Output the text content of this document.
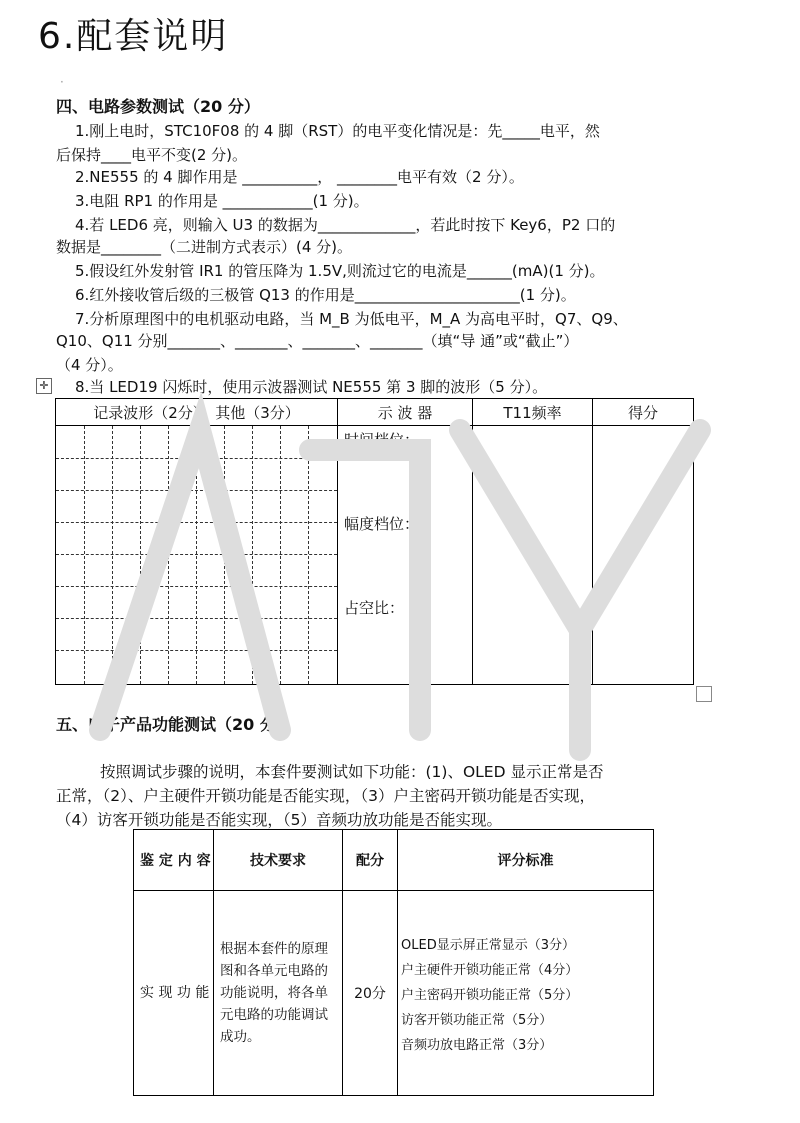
6.配套说明
·
四、电路参数测试（20 分）
1.刚上电时，STC10F08 的 4 脚（RST）的电平变化情况是：先_____电平，然
后保持____电平不变(2 分)。
2.NE555 的 4 脚作用是 __________， ________电平有效（2 分）。
3.电阻 RP1 的作用是 ____________(1 分)。
4.若 LED6 亮，则输入 U3 的数据为_____________，若此时按下 Key6，P2 口的
数据是________（二进制方式表示）(4 分)。
5.假设红外发射管 IR1 的管压降为 1.5V,则流过它的电流是______(mA)(1 分)。
6.红外接收管后级的三极管 Q13 的作用是______________________(1 分)。
7.分析原理图中的电机驱动电路，当 M_B 为低电平，M_A 为高电平时，Q7、Q9、
Q10、Q11 分别_______、_______、_______、_______（填“导 通”或“截止”）
（4 分）。
✛ 8.当 LED19 闪烁时，使用示波器测试 NE555 第 3 脚的波形（5 分）。
记录波形（2分），其他（3分）	示 波 器	T11频率	得分

	时间档位：
幅度档位：
占空比：		

五、电子产品功能测试（20 分）
按照调试步骤的说明，本套件要测试如下功能：(1)、OLED 显示正常是否
正常，（2）、户主硬件开锁功能是否能实现，（3）户主密码开锁功能是否实现，
（4）访客开锁功能是否能实现，（5）音频功放功能是否能实现。
鉴 定 内 容	技术要求	配分	评分标准
实 现 功 能	根据本套件的原理图和各单元电路的功能说明，将各单元电路的功能调试成功。	20分	OLED显示屏正常显示（3分）
户主硬件开锁功能正常（4分）
户主密码开锁功能正常（5分）
访客开锁功能正常（5分）
音频功放电路正常（3分）
